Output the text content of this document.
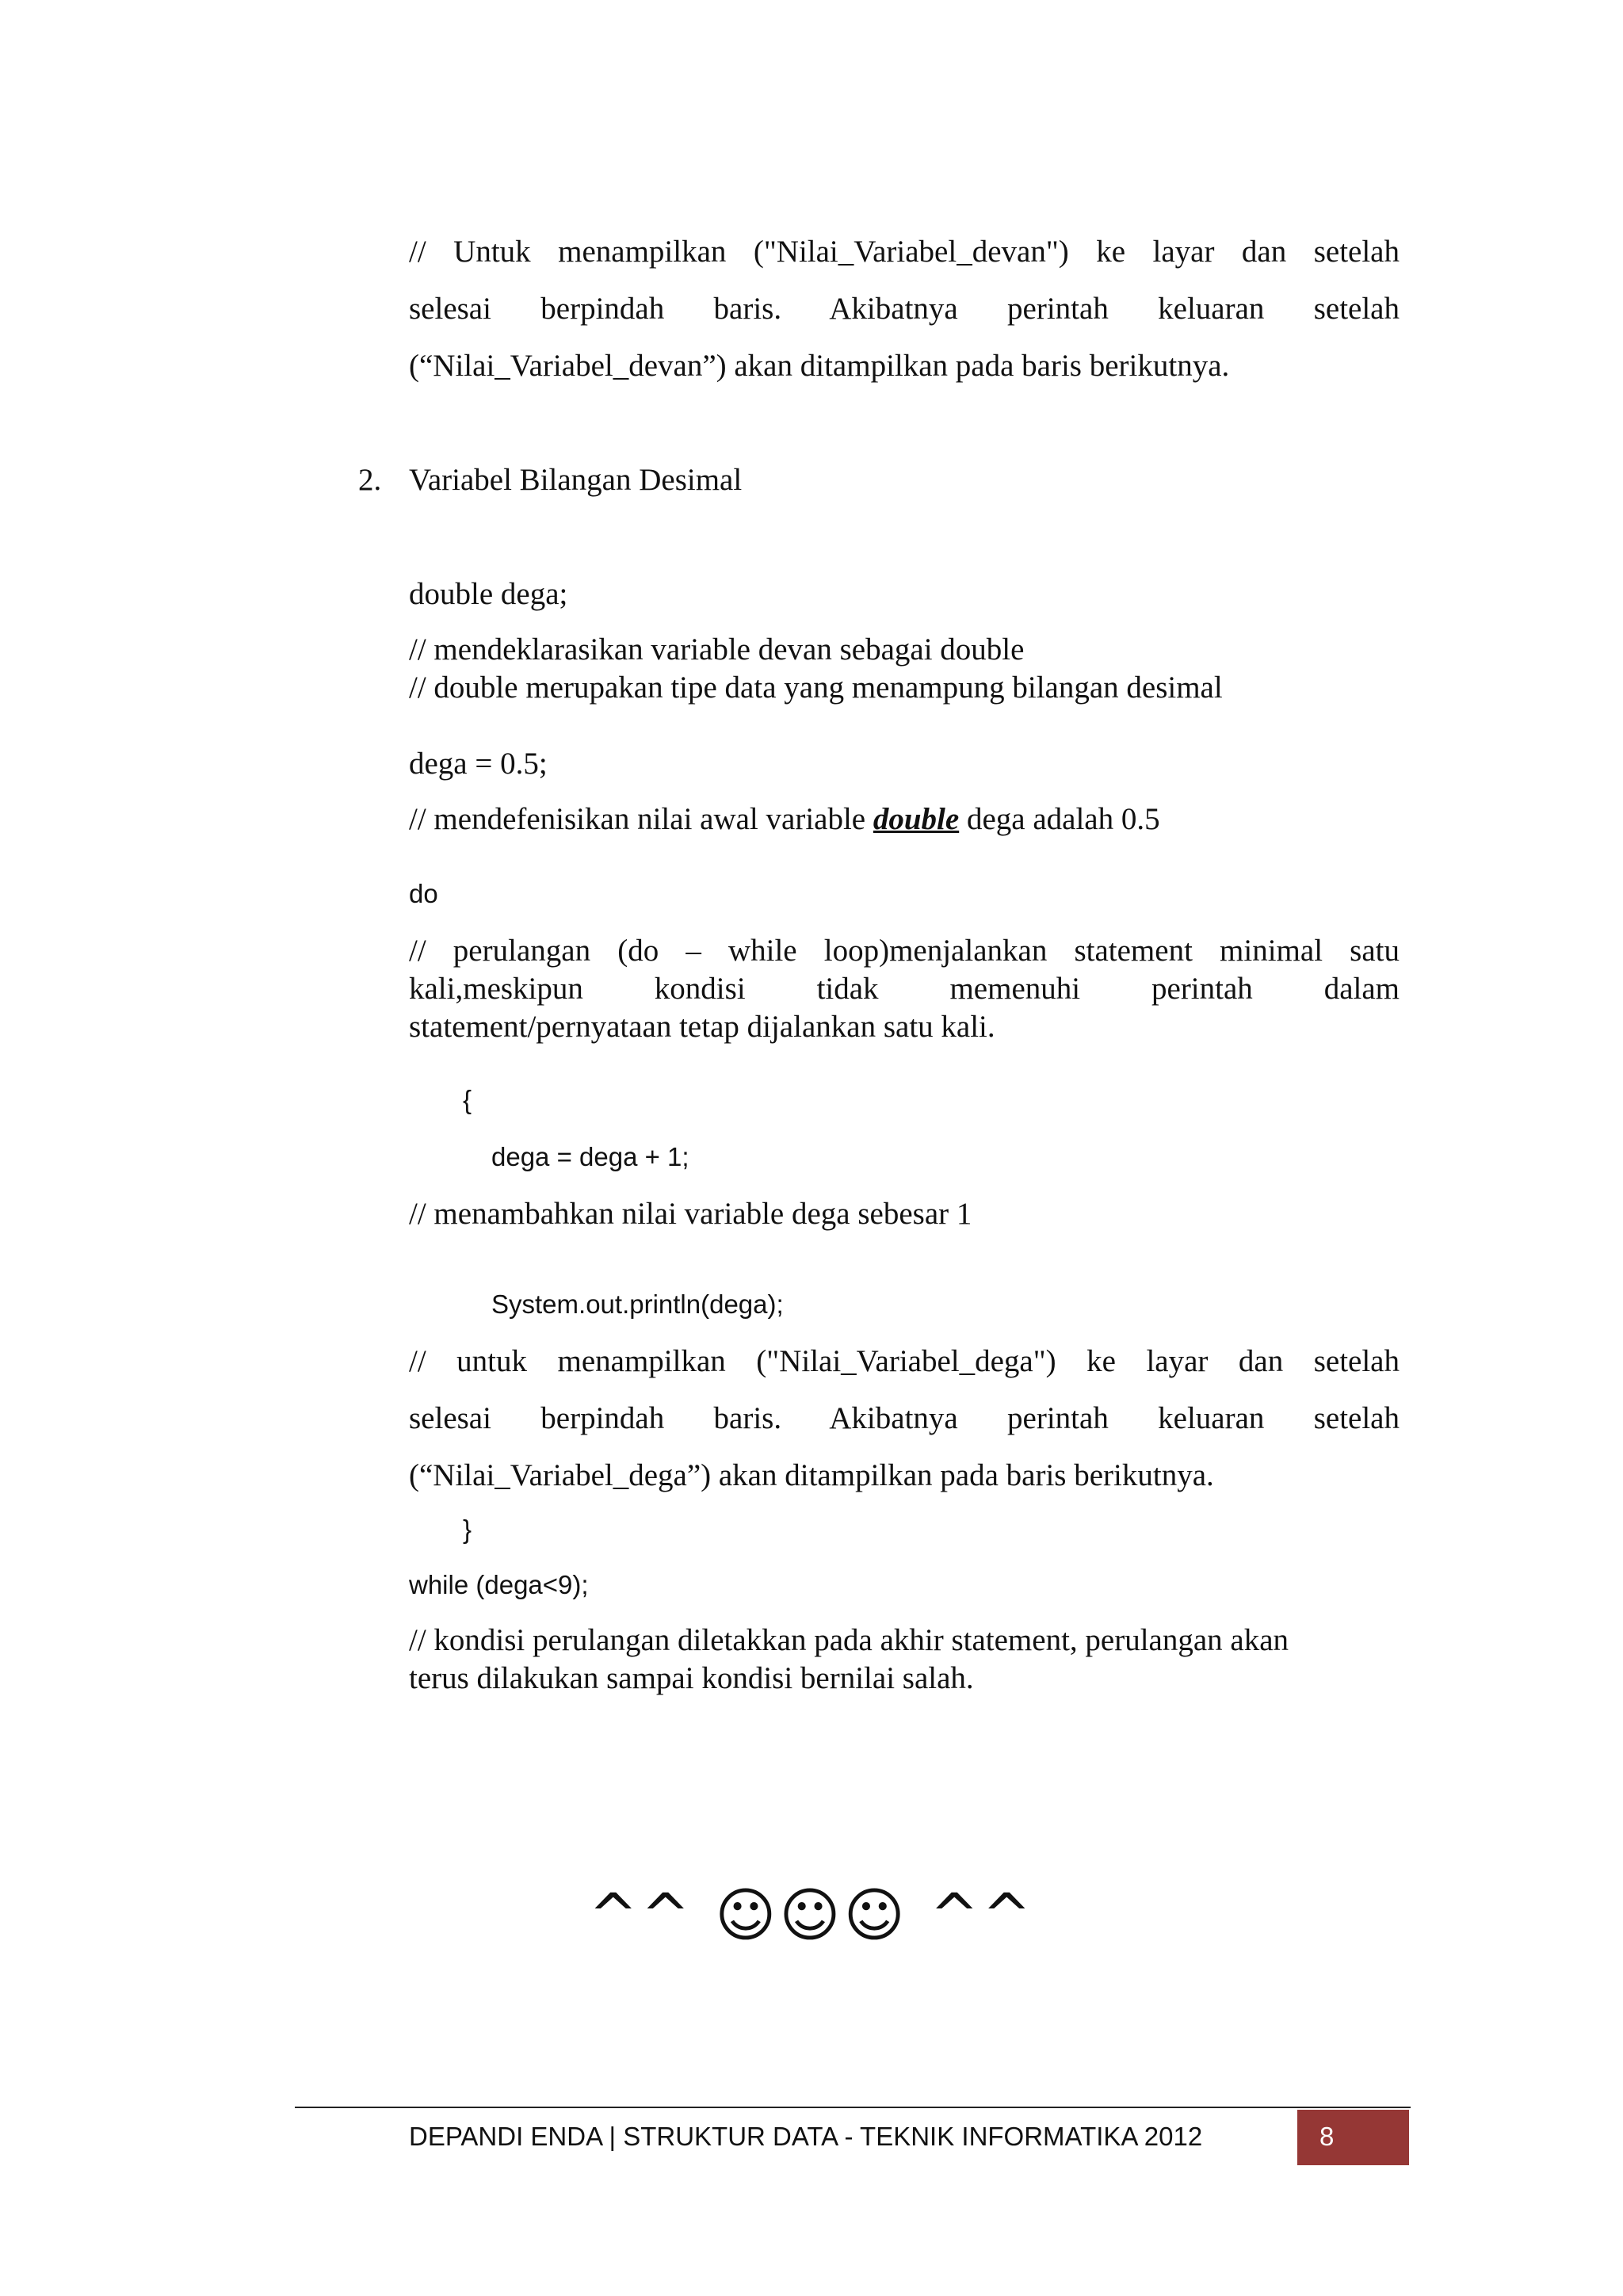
// Untuk menampilkan ("Nilai_Variabel_devan") ke layar dan setelah
selesai berpindah baris. Akibatnya perintah keluaran setelah
(“Nilai_Variabel_devan”) akan ditampilkan pada baris berikutnya.
2. Variabel Bilangan Desimal
double dega;
// mendeklarasikan variable devan sebagai double
// double merupakan tipe data yang menampung bilangan desimal
dega = 0.5;
// mendefenisikan nilai awal variable double dega adalah 0.5
do
// perulangan (do – while loop)menjalankan statement minimal satu
kali,meskipun kondisi tidak memenuhi perintah dalam
statement/pernyataan tetap dijalankan satu kali.
{
dega = dega + 1;
// menambahkan nilai variable dega sebesar 1
System.out.println(dega);
// untuk menampilkan ("Nilai_Variabel_dega") ke layar dan setelah
selesai berpindah baris. Akibatnya perintah keluaran setelah
(“Nilai_Variabel_dega”) akan ditampilkan pada baris berikutnya.
}
while (dega<9);
// kondisi perulangan diletakkan pada akhir statement, perulangan akan
terus dilakukan sampai kondisi bernilai salah.
^^ ☺☺☺ ^^
DEPANDI ENDA | STRUKTUR DATA - TEKNIK INFORMATIKA 2012	8
